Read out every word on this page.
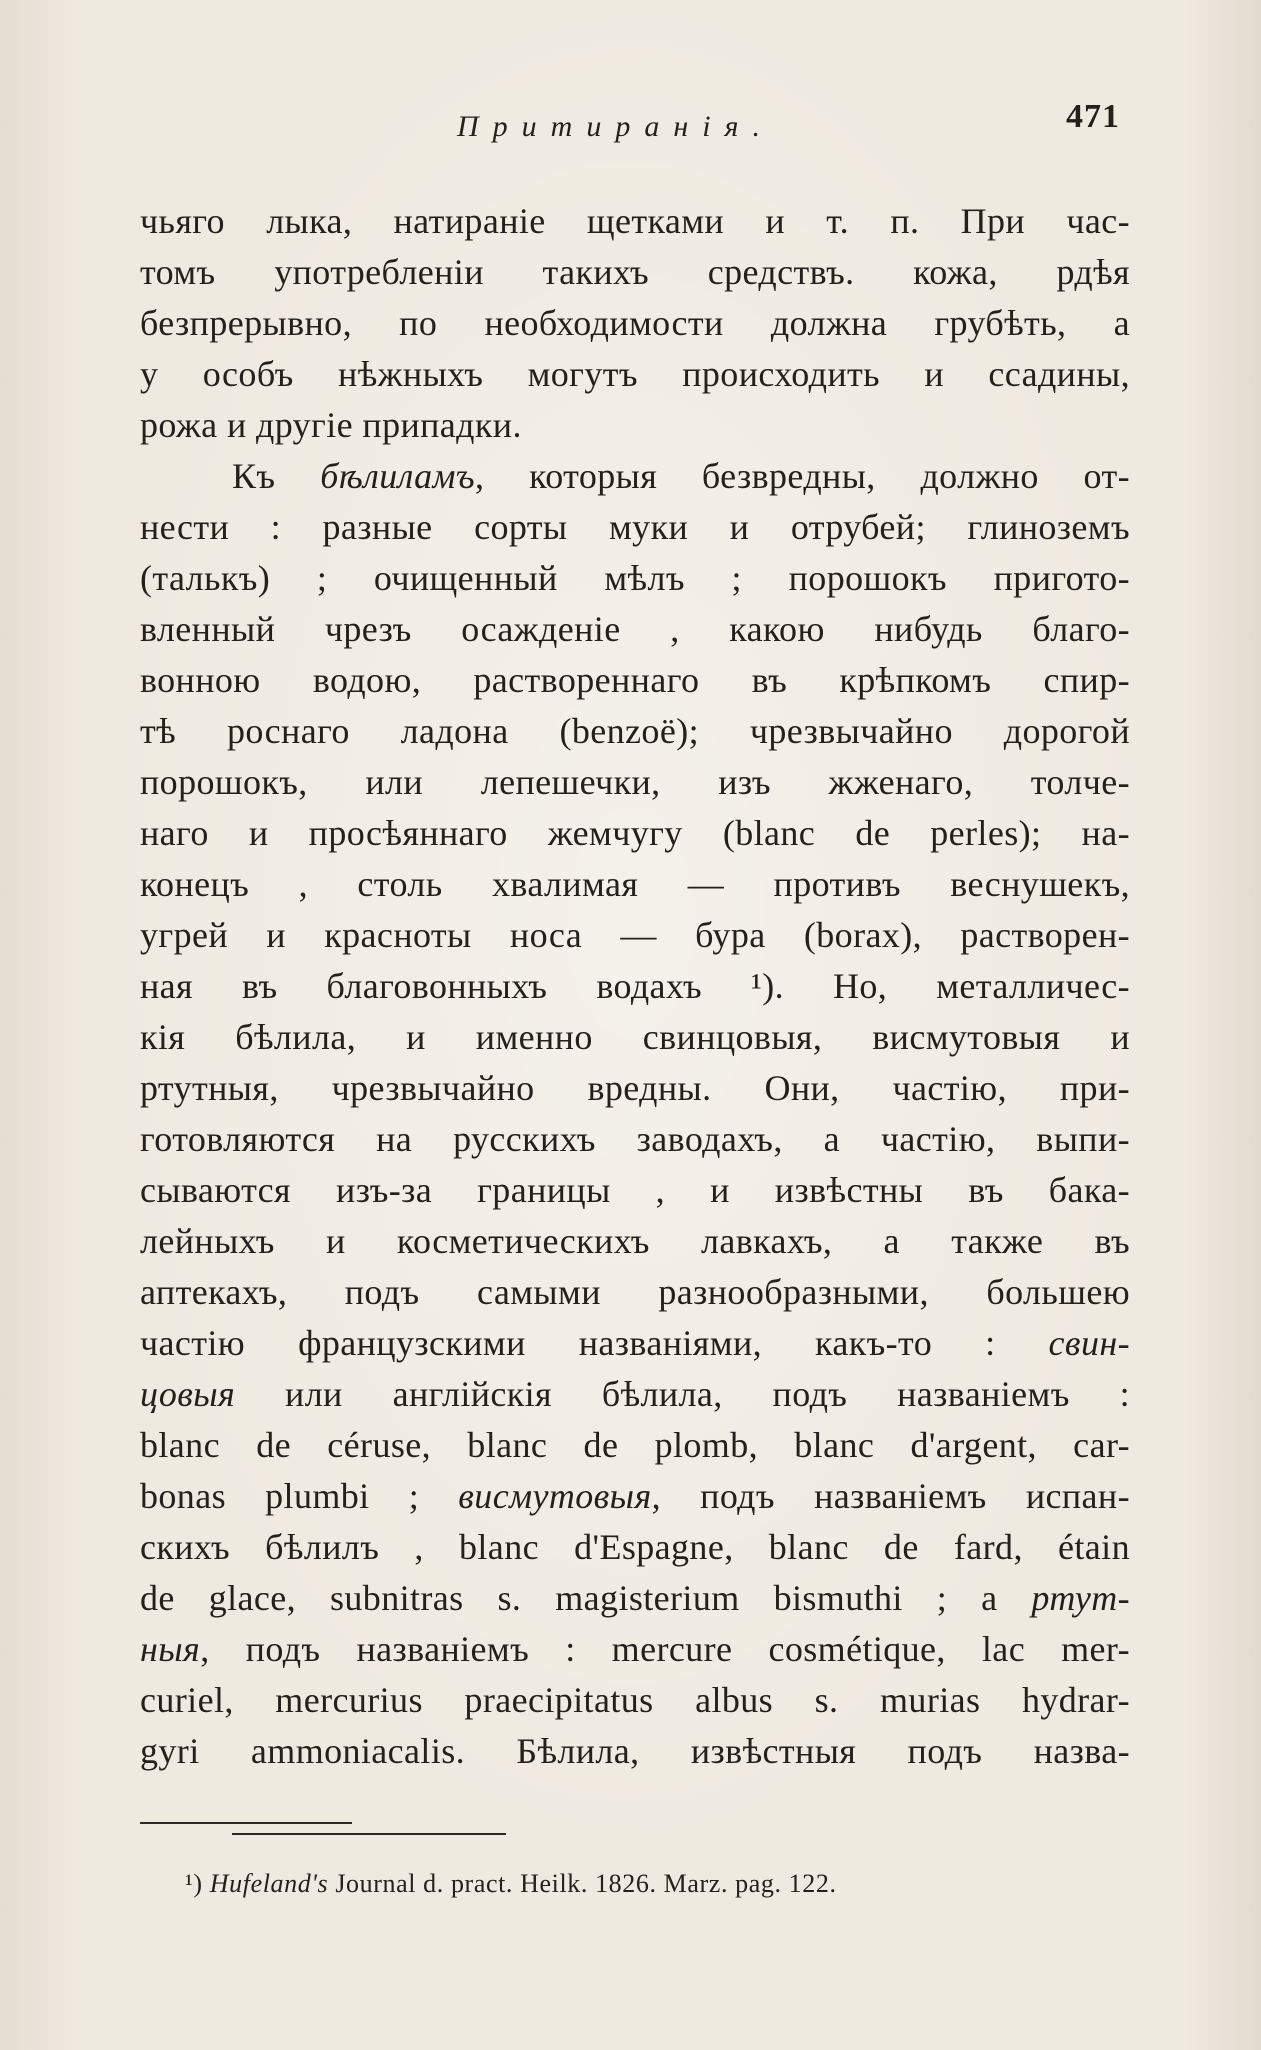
Притиранія.	471
чьяго лыка, натираніе щетками и т. п. При час-
томъ употребленіи такихъ средствъ. кожа, рдѣя
безпрерывно, по необходимости должна грубѣть, а
у особъ нѣжныхъ могутъ происходить и ссадины,
рожа и другіе припадки.
Къ бѣлиламъ, которыя безвредны, должно от-
нести : разные сорты муки и отрубей; глиноземъ
(талькъ) ; очищенный мѣлъ ; порошокъ пригото-
вленный чрезъ осажденіе , какою нибудь благо-
вонною водою, раствореннаго въ крѣпкомъ спир-
тѣ роснаго ладона (benzoë); чрезвычайно дорогой
порошокъ, или лепешечки, изъ жженаго, толче-
наго и просѣяннаго жемчугу (blanc de perles); на-
конецъ , столь хвалимая — противъ веснушекъ,
угрей и красноты носа — бура (borax), растворен-
ная въ благовонныхъ водахъ ¹). Но, металличес-
кія бѣлила, и именно свинцовыя, висмутовыя и
ртутныя, чрезвычайно вредны. Они, частію, при-
готовляются на русскихъ заводахъ, а частію, выпи-
сываются изъ-за границы , и извѣстны въ бака-
лейныхъ и косметическихъ лавкахъ, а также въ
аптекахъ, подъ самыми разнообразными, большею
частію французскими названіями, какъ-то : свин-
цовыя или англійскія бѣлила, подъ названіемъ :
blanc de céruse, blanc de plomb, blanc d'argent, car-
bonas plumbi ; висмутовыя, подъ названіемъ испан-
скихъ бѣлилъ , blanc d'Espagne, blanc de fard, étain
de glace, subnitras s. magisterium bismuthi ; а ртут-
ныя, подъ названіемъ : mercure cosmétique, lac mer-
curiel, mercurius praecipitatus albus s. murias hydrar-
gyri ammoniacalis. Бѣлила, извѣстныя подъ назва-
¹) Hufeland's Journal d. pract. Heilk. 1826. Marz. pag. 122.
